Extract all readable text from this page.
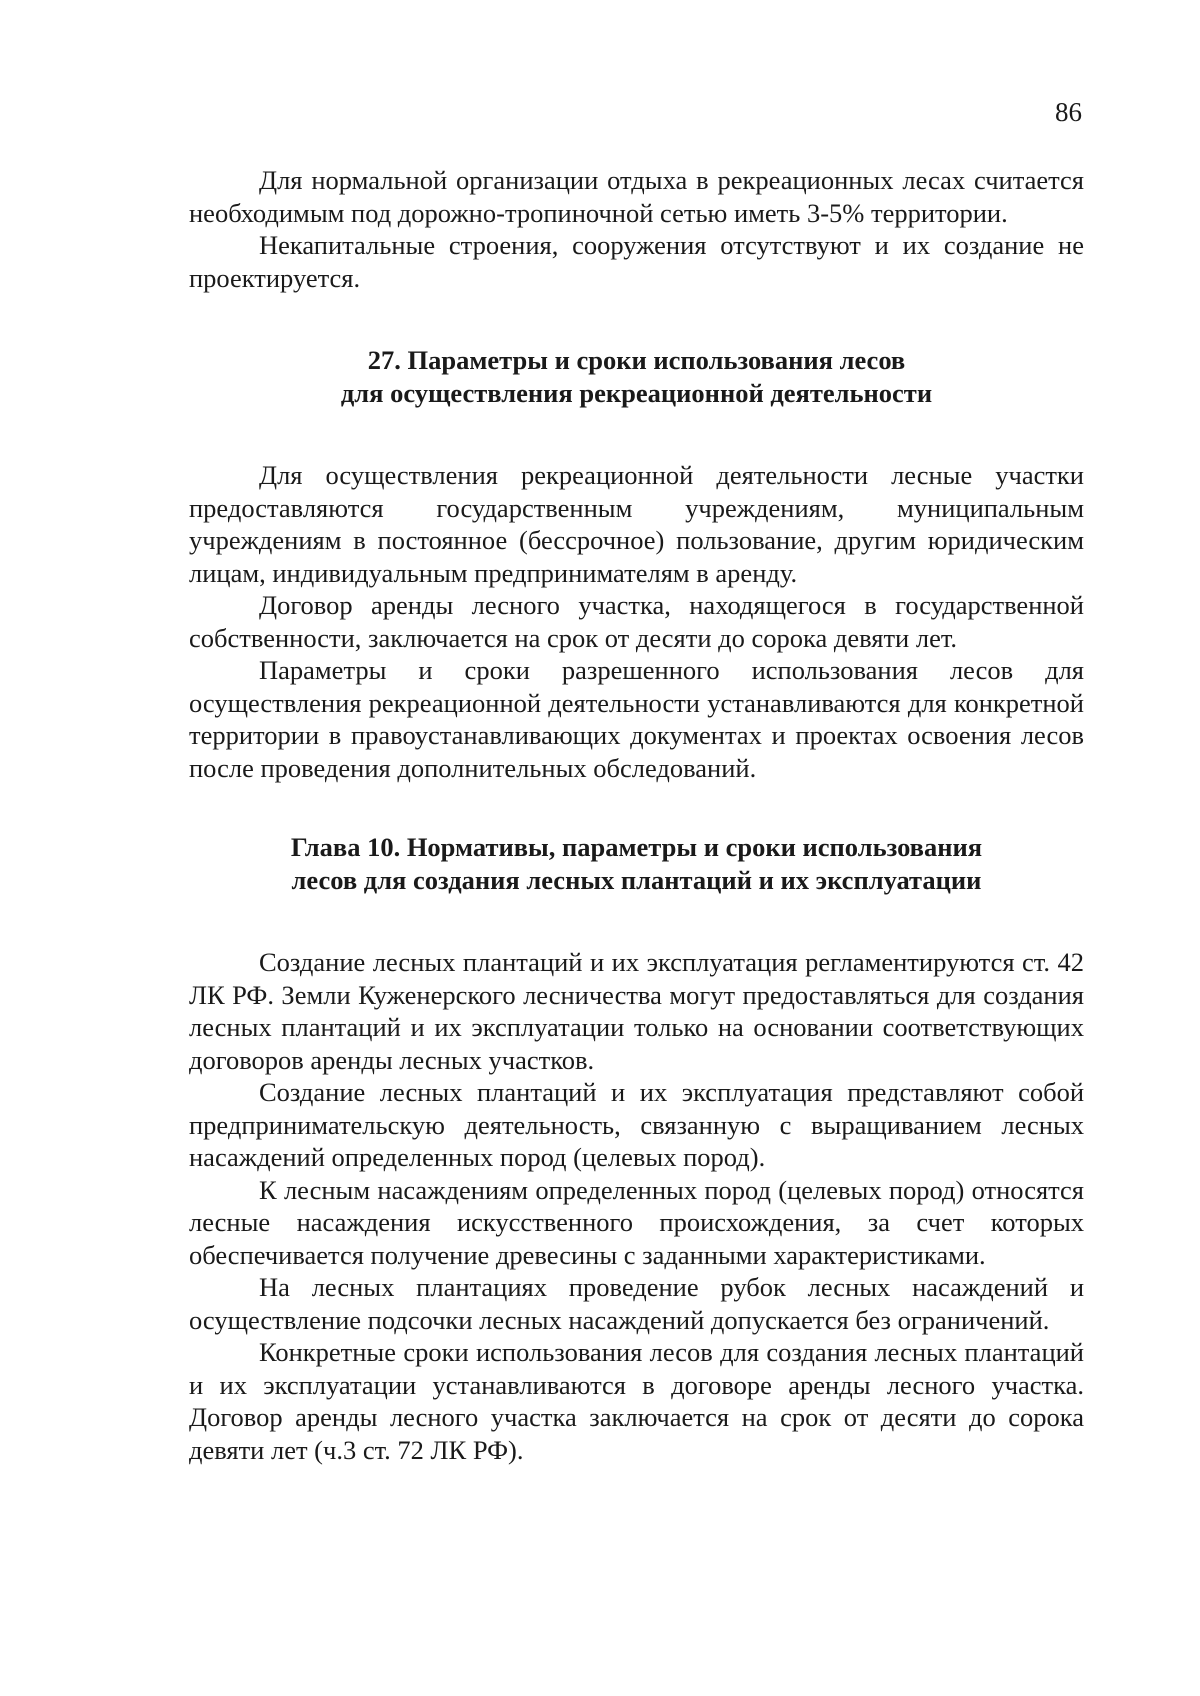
86

Для нормальной организации отдыха в рекреационных лесах считается необходимым под дорожно-тропиночной сетью иметь 3-5% территории.

Некапитальные строения, сооружения отсутствуют и их создание не проектируется.

27. Параметры и сроки использования лесов
для осуществления рекреационной деятельности

Для осуществления рекреационной деятельности лесные участки предоставляются государственным учреждениям, муниципальным учреждениям в постоянное (бессрочное) пользование, другим юридическим лицам, индивидуальным предпринимателям в аренду.

Договор аренды лесного участка, находящегося в государственной собственности, заключается на срок от десяти до сорока девяти лет.

Параметры и сроки разрешенного использования лесов для осуществления рекреационной деятельности устанавливаются для конкретной территории в правоустанавливающих документах и проектах освоения лесов после проведения дополнительных обследований.

Глава 10. Нормативы, параметры и сроки использования
лесов для создания лесных плантаций и их эксплуатации

Создание лесных плантаций и их эксплуатация регламентируются ст. 42 ЛК РФ. Земли Куженерского лесничества могут предоставляться для создания лесных плантаций и их эксплуатации только на основании соответствующих договоров аренды лесных участков.

Создание лесных плантаций и их эксплуатация представляют собой предпринимательскую деятельность, связанную с выращиванием лесных насаждений определенных пород (целевых пород).

К лесным насаждениям определенных пород (целевых пород) относятся лесные насаждения искусственного происхождения, за счет которых обеспечивается получение древесины с заданными характеристиками.

На лесных плантациях проведение рубок лесных насаждений и осуществление подсочки лесных насаждений допускается без ограничений.

Конкретные сроки использования лесов для создания лесных плантаций и их эксплуатации устанавливаются в договоре аренды лесного участка. Договор аренды лесного участка заключается на срок от десяти до сорока девяти лет (ч.3 ст. 72 ЛК РФ).
